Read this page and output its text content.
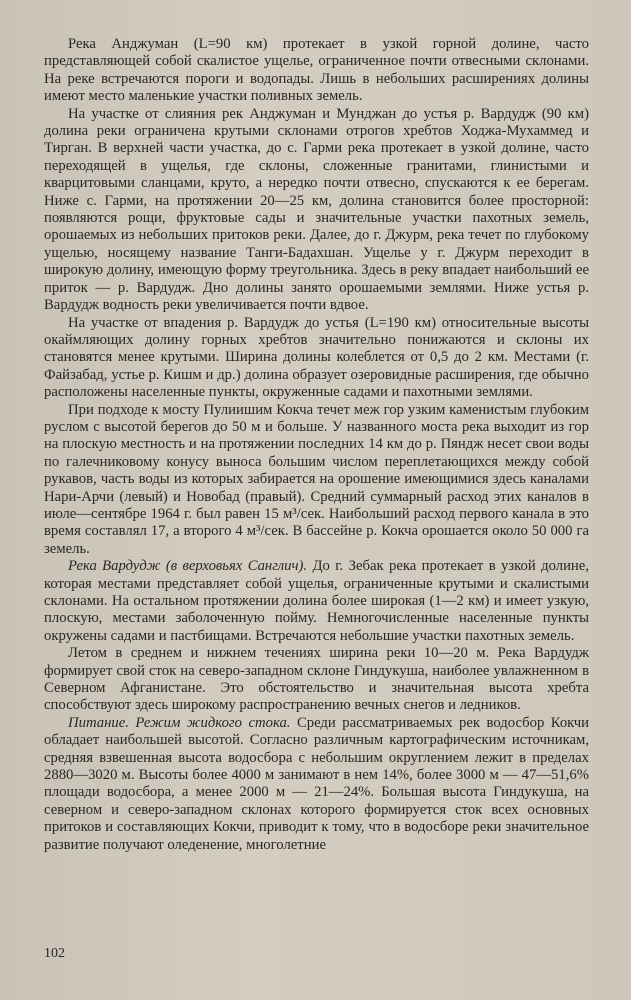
Река Анджуман (L=90 км) протекает в узкой горной долине, часто представляющей собой скалистое ущелье, ограниченное почти отвесными склонами. На реке встречаются пороги и водопады. Лишь в небольших расширениях долины имеют место маленькие участки поливных земель.

На участке от слияния рек Анджуман и Мунджан до устья р. Вардудж (90 км) долина реки ограничена крутыми склонами отрогов хребтов Ходжа-Мухаммед и Тирган. В верхней части участка, до с. Гарми река протекает в узкой долине, часто переходящей в ущелья, где склоны, сложенные гранитами, глинистыми и кварцитовыми сланцами, круто, а нередко почти отвесно, спускаются к ее берегам. Ниже с. Гарми, на протяжении 20—25 км, долина становится более просторной: появляются рощи, фруктовые сады и значительные участки пахотных земель, орошаемых из небольших притоков реки. Далее, до г. Джурм, река течет по глубокому ущелью, носящему название Танги-Бадахшан. Ущелье у г. Джурм переходит в широкую долину, имеющую форму треугольника. Здесь в реку впадает наибольший ее приток — р. Вардудж. Дно долины занято орошаемыми землями. Ниже устья р. Вардудж водность реки увеличивается почти вдвое.

На участке от впадения р. Вардудж до устья (L=190 км) относительные высоты окаймляющих долину горных хребтов значительно понижаются и склоны их становятся менее крутыми. Ширина долины колеблется от 0,5 до 2 км. Местами (г. Файзабад, устье р. Кишм и др.) долина образует озеровидные расширения, где обычно расположены населенные пункты, окруженные садами и пахотными землями.

При подходе к мосту Пулиишим Кокча течет меж гор узким каменистым глубоким руслом с высотой берегов до 50 м и больше. У названного моста река выходит из гор на плоскую местность и на протяжении последних 14 км до р. Пяндж несет свои воды по галечниковому конусу выноса большим числом переплетающихся между собой рукавов, часть воды из которых забирается на орошение имеющимися здесь каналами Нари-Арчи (левый) и Новобад (правый). Средний суммарный расход этих каналов в июле—сентябре 1964 г. был равен 15 м³/сек. Наибольший расход первого канала в это время составлял 17, а второго 4 м³/сек. В бассейне р. Кокча орошается около 50 000 га земель.

Река Вардудж (в верховьях Санглич). До г. Зебак река протекает в узкой долине, которая местами представляет собой ущелья, ограниченные крутыми и скалистыми склонами. На остальном протяжении долина более широкая (1—2 км) и имеет узкую, плоскую, местами заболоченную пойму. Немногочисленные населенные пункты окружены садами и пастбищами. Встречаются небольшие участки пахотных земель.

Летом в среднем и нижнем течениях ширина реки 10—20 м. Река Вардудж формирует свой сток на северо-западном склоне Гиндукуша, наиболее увлажненном в Северном Афганистане. Это обстоятельство и значительная высота хребта способствуют здесь широкому распространению вечных снегов и ледников.

Питание. Режим жидкого стока. Среди рассматриваемых рек водосбор Кокчи обладает наибольшей высотой. Согласно различным картографическим источникам, средняя взвешенная высота водосбора с небольшим округлением лежит в пределах 2880—3020 м. Высоты более 4000 м занимают в нем 14%, более 3000 м — 47—51,6% площади водосбора, а менее 2000 м — 21—24%. Большая высота Гиндукуша, на северном и северо-западном склонах которого формируется сток всех основных притоков и составляющих Кокчи, приводит к тому, что в водосборе реки значительное развитие получают оледенение, многолетние

102
